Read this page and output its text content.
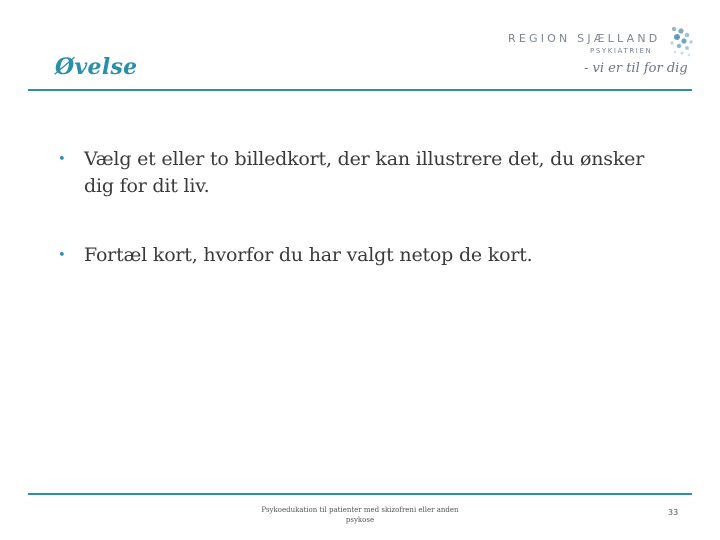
Øvelse
REGION SJÆLLAND
PSYKIATRIEN
- vi er til for dig
• Vælg et eller to billedkort, der kan illustrere det, du ønsker dig for dit liv.
• Fortæl kort, hvorfor du har valgt netop de kort.
Psykoedukation til patienter med skizofreni eller anden psykose
33
